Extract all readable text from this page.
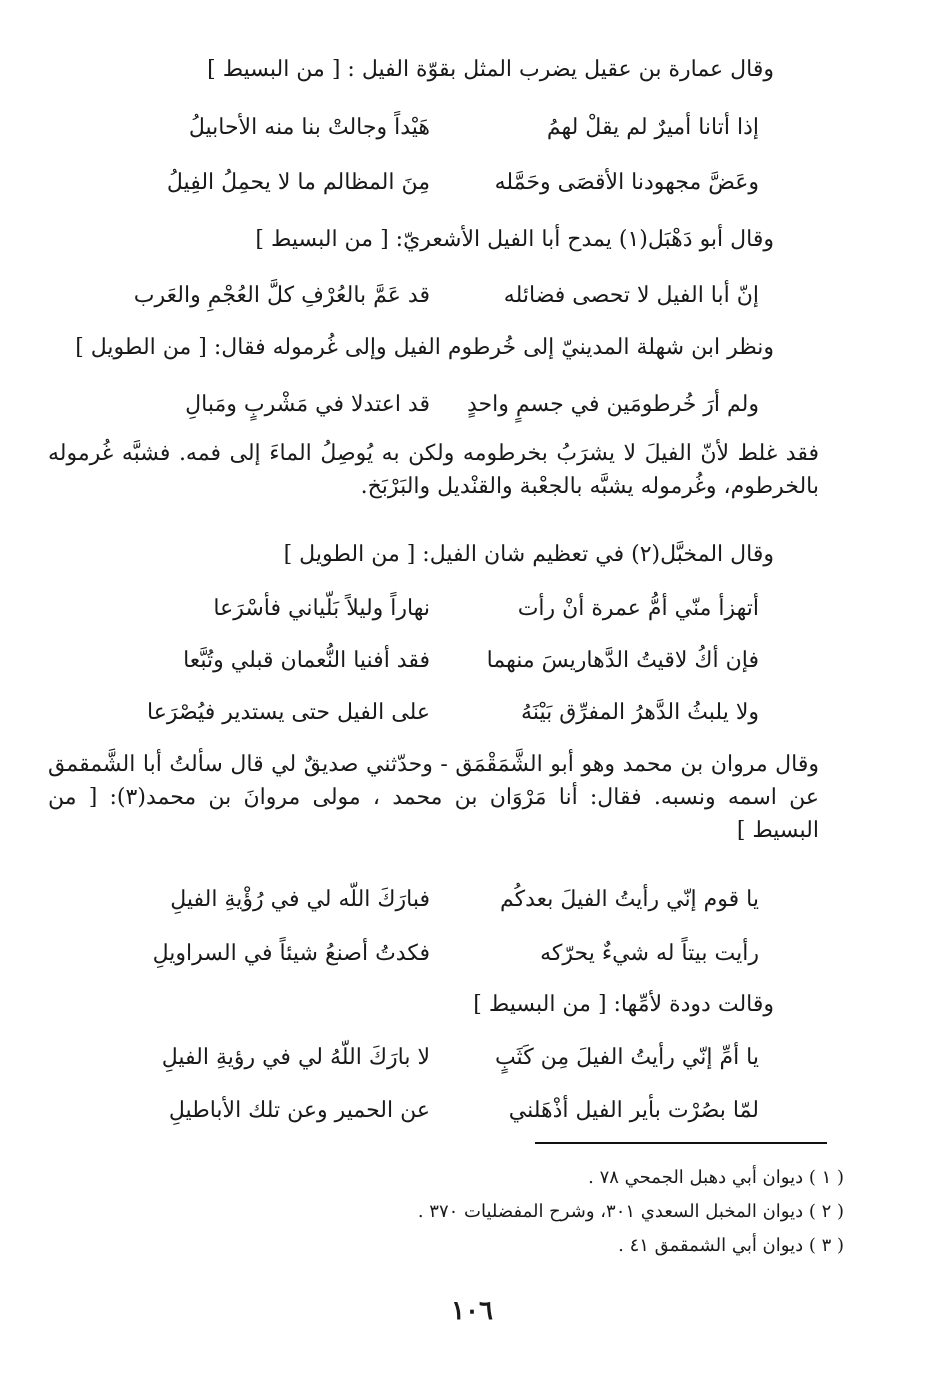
وقال عمارة بن عقيل يضرب المثل بقوّة الفيل : [ من البسيط ]
إذا أتانا أميرٌ لم يقلْ لهمُ
هَيْداً وجالتْ بنا منه الأحابيلُ
وعَضَّ مجهودنا الأقصَى وحَمَّله
مِنَ المظالم ما لا يحمِلُ الفِيلُ
وقال أبو دَهْبَل(١) يمدح أبا الفيل الأشعريّ: [ من البسيط ]
إنّ أبا الفيل لا تحصى فضائله
قد عَمَّ بالعُرْفِ كلَّ العُجْمِ والعَرب
ونظر ابن شهلة المدينيّ إلى خُرطوم الفيل وإلى غُرموله فقال: [ من الطويل ]
ولم أرَ خُرطومَين في جسمٍ واحدٍ
قد اعتدلا في مَشْربٍ ومَبالِ
فقد غلط لأنّ الفيلَ لا يشرَبُ بخرطومه ولكن به يُوصِلُ الماءَ إلى فمه. فشبَّه غُرموله بالخرطوم، وغُرموله يشبَّه بالجعْبة والقنْديل والبَرْبَخ.
وقال المخبَّل(٢) في تعظيم شان الفيل: [ من الطويل ]
أتهزأ منّي أمُّ عمرة أنْ رأت
نهاراً وليلاً بَلّياني فأسْرَعا
فإن أكُ لاقيتُ الدَّهاريسَ منهما
فقد أفنيا النُّعمان قبلي وتُبَّعا
ولا يلبثُ الدَّهرُ المفرِّق بَيْنَهُ
على الفيل حتى يستدير فيُصْرَعا
وقال مروان بن محمد وهو أبو الشَّمَقْمَق - وحدّثني صديقٌ لي قال سألتُ أبا الشَّمقمق عن اسمه ونسبه. فقال: أنا مَرْوَان بن محمد ، مولى مروانَ بن محمد(٣): [ من البسيط ]
يا قوم إنّي رأيتُ الفيلَ بعدكُم
فبارَكَ اللّه لي في رُؤْيةِ الفيلِ
رأيت بيتاً له شيءٌ يحرّكه
فكدتُ أصنعُ شيئاً في السراويلِ
وقالت دودة لأمِّها: [ من البسيط ]
يا أمِّ إنّي رأيتُ الفيلَ مِن كَثَبٍ
لا بارَكَ اللّهُ لي في رؤيةِ الفيلِ
لمّا بصُرْت بأير الفيل أذْهَلني
عن الحمير وعن تلك الأباطيلِ
( ١ ) ديوان أبي دهبل الجمحي ٧٨ .
( ٢ ) ديوان المخبل السعدي ٣٠١، وشرح المفضليات ٣٧٠ .
( ٣ ) ديوان أبي الشمقمق ٤١ .
١٠٦
